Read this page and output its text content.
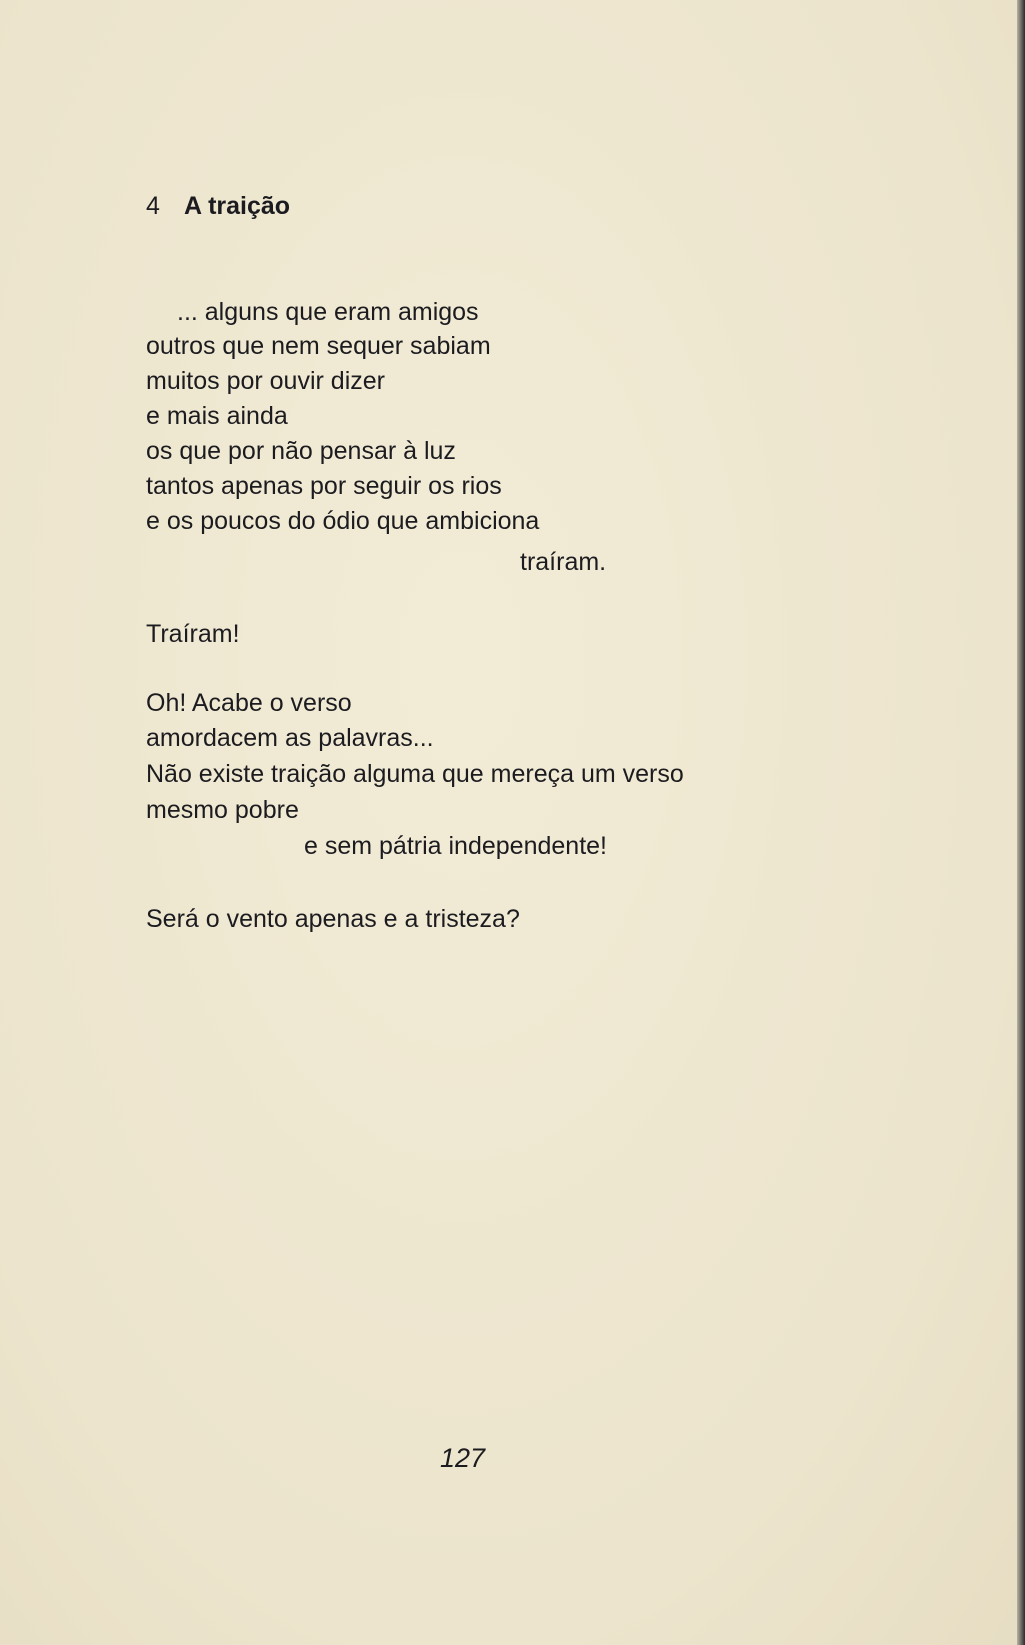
4 A traição
... alguns que eram amigos
outros que nem sequer sabiam
muitos por ouvir dizer
e mais ainda
os que por não pensar à luz
tantos apenas por seguir os rios
e os poucos do ódio que ambiciona
traíram.
Traíram!
Oh! Acabe o verso
amordacem as palavras...
Não existe traição alguma que mereça um verso
mesmo pobre
e sem pátria independente!
Será o vento apenas e a tristeza?
127
